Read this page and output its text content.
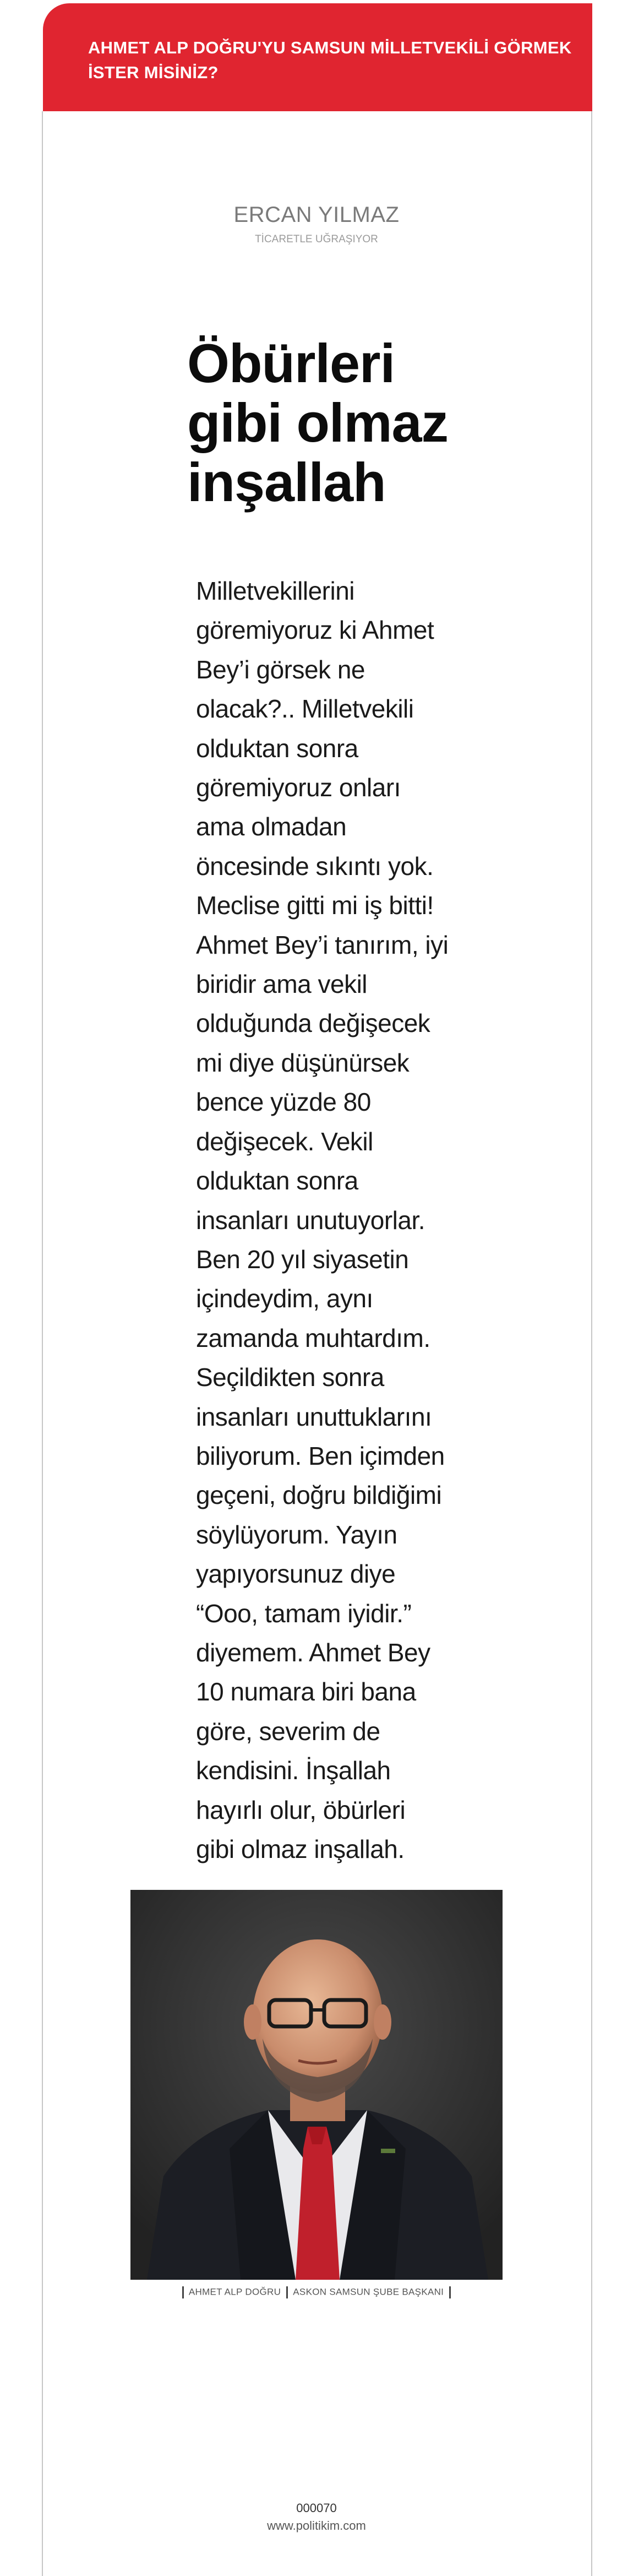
AHMET ALP DOĞRU'YU SAMSUN MİLLETVEKİLİ GÖRMEK İSTER MİSİNİZ?
ERCAN YILMAZ
TİCARETLE UĞRAŞIYOR
Öbürleri gibi olmaz inşallah
Milletvekillerini göremiyoruz ki Ahmet Bey’i görsek ne olacak?.. Milletvekili olduktan sonra göremiyoruz onları ama olmadan öncesinde sıkıntı yok. Meclise gitti mi iş bitti! Ahmet Bey’i tanırım, iyi biridir ama vekil olduğunda değişecek mi diye düşünürsek bence yüzde 80 değişecek. Vekil olduktan sonra insanları unutuyorlar. Ben 20 yıl siyasetin içindeydim, aynı zamanda muhtardım. Seçildikten sonra insanları unuttuklarını biliyorum. Ben içimden geçeni, doğru bildiğimi söylüyorum. Yayın yapıyorsunuz diye “Ooo, tamam iyidir.” diyemem. Ahmet Bey 10 numara biri bana göre, severim de kendisini. İnşallah hayırlı olur, öbürleri gibi olmaz inşallah.
AHMET ALP DOĞRU ASKON SAMSUN ŞUBE BAŞKANI
000070
www.politikim.com
